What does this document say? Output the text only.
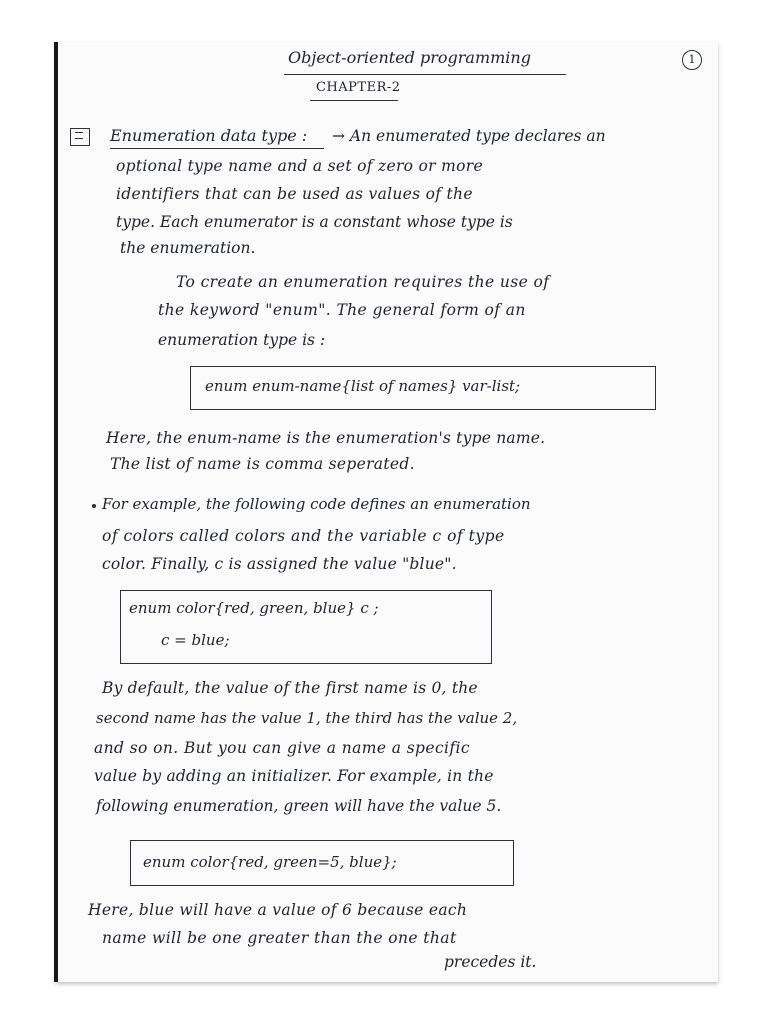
Object-oriented programming	1
CHAPTER-2
Enumeration data type : → An enumerated type declares an
optional type name and a set of zero or more
identifiers that can be used as values of the
type. Each enumerator is a constant whose type is
the enumeration.
To create an enumeration requires the use of
the keyword "enum". The general form of an
enumeration type is :
enum enum-name{list of names} var-list;
Here, the enum-name is the enumeration's type name.
The list of name is comma seperated.
For example, the following code defines an enumeration
of colors called colors and the variable c of type
color. Finally, c is assigned the value "blue".
enum color{red, green, blue} c ;
c = blue;
By default, the value of the first name is 0, the
second name has the value 1, the third has the value 2,
and so on. But you can give a name a specific
value by adding an initializer. For example, in the
following enumeration, green will have the value 5.
enum color{red, green=5, blue};
Here, blue will have a value of 6 because each
name will be one greater than the one that
precedes it.
